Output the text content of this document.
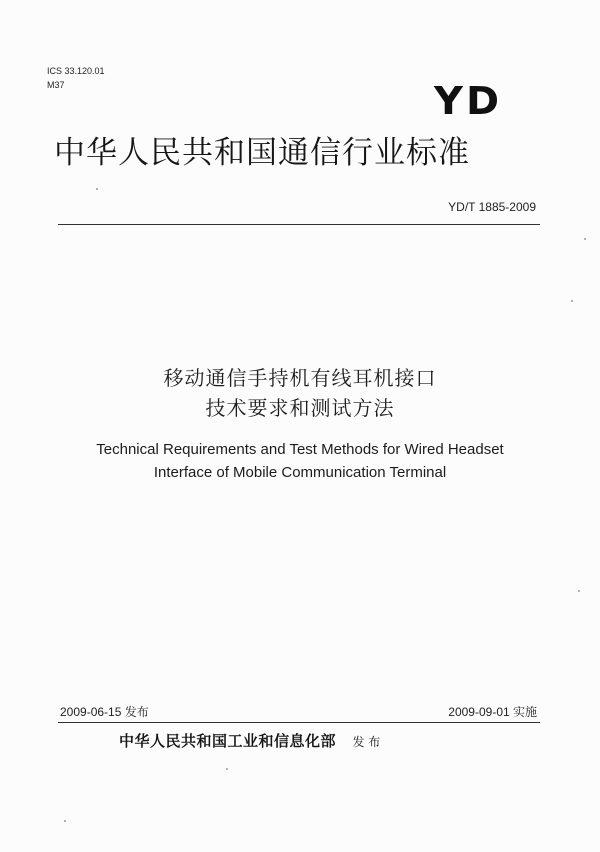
ICS 33.120.01
M37	YD
中华人民共和国通信行业标准
YD/T 1885-2009
移动通信手持机有线耳机接口
技术要求和测试方法
Technical Requirements and Test Methods for Wired Headset
Interface of Mobile Communication Terminal
2009-06-15 发布	2009-09-01 实施
中华人民共和国工业和信息化部 发 布
